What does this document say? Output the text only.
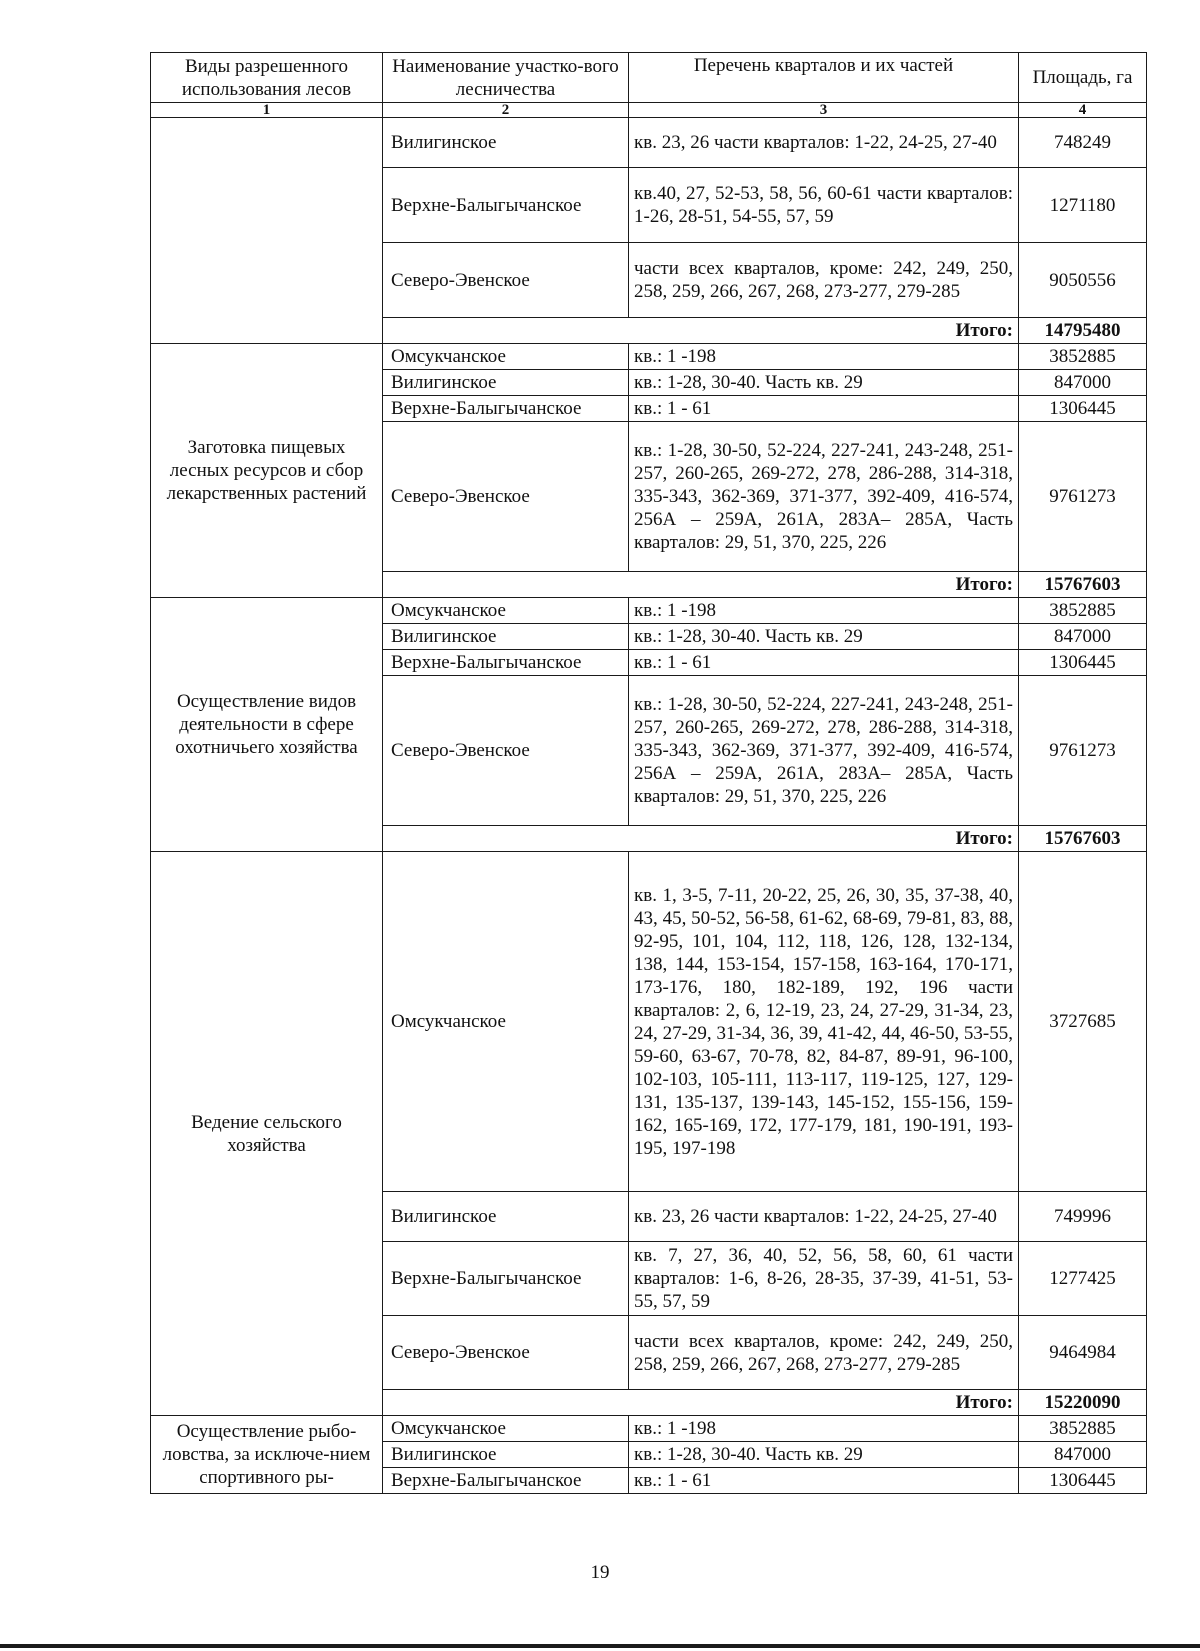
Виды разрешенного использования лесов	Наименование участко-вого лесничества	Перечень кварталов и их частей	Площадь, га
1	2	3	4
	Вилигинское	кв. 23, 26 части кварталов: 1-22, 24-25, 27-40	748249
	Верхне-Балыгычанское	кв.40, 27, 52-53, 58, 56, 60-61 части кварталов: 1-26, 28-51, 54-55, 57, 59	1271180
	Северо-Эвенское	части всех кварталов, кроме: 242, 249, 250, 258, 259, 266, 267, 268, 273-277, 279-285	9050556
	Итого:		14795480
Заготовка пищевых лесных ресурсов и сбор лекарственных растений	Омсукчанское	кв.: 1 -198	3852885
	Вилигинское	кв.: 1-28, 30-40. Часть кв. 29	847000
	Верхне-Балыгычанское	кв.: 1 - 61	1306445
	Северо-Эвенское	кв.: 1-28, 30-50, 52-224, 227-241, 243-248, 251-257, 260-265, 269-272, 278, 286-288, 314-318, 335-343, 362-369, 371-377, 392-409, 416-574, 256А – 259А, 261А, 283А– 285А, Часть кварталов: 29, 51, 370, 225, 226	9761273
	Итого:		15767603
Осуществление видов деятельности в сфере охотничьего хозяйства	Омсукчанское	кв.: 1 -198	3852885
	Вилигинское	кв.: 1-28, 30-40. Часть кв. 29	847000
	Верхне-Балыгычанское	кв.: 1 - 61	1306445
	Северо-Эвенское	кв.: 1-28, 30-50, 52-224, 227-241, 243-248, 251-257, 260-265, 269-272, 278, 286-288, 314-318, 335-343, 362-369, 371-377, 392-409, 416-574, 256А – 259А, 261А, 283А– 285А, Часть кварталов: 29, 51, 370, 225, 226	9761273
	Итого:		15767603
Ведение сельского хозяйства	Омсукчанское	кв. 1, 3-5, 7-11, 20-22, 25, 26, 30, 35, 37-38, 40, 43, 45, 50-52, 56-58, 61-62, 68-69, 79-81, 83, 88, 92-95, 101, 104, 112, 118, 126, 128, 132-134, 138, 144, 153-154, 157-158, 163-164, 170-171, 173-176, 180, 182-189, 192, 196 части кварталов: 2, 6, 12-19, 23, 24, 27-29, 31-34, 23, 24, 27-29, 31-34, 36, 39, 41-42, 44, 46-50, 53-55, 59-60, 63-67, 70-78, 82, 84-87, 89-91, 96-100, 102-103, 105-111, 113-117, 119-125, 127, 129-131, 135-137, 139-143, 145-152, 155-156, 159-162, 165-169, 172, 177-179, 181, 190-191, 193-195, 197-198	3727685
	Вилигинское	кв. 23, 26 части кварталов: 1-22, 24-25, 27-40	749996
	Верхне-Балыгычанское	кв. 7, 27, 36, 40, 52, 56, 58, 60, 61 части кварталов: 1-6, 8-26, 28-35, 37-39, 41-51, 53-55, 57, 59	1277425
	Северо-Эвенское	части всех кварталов, кроме: 242, 249, 250, 258, 259, 266, 267, 268, 273-277, 279-285	9464984
	Итого:		15220090
Осуществление рыбо-ловства, за исключе-нием спортивного ры-	Омсукчанское	кв.: 1 -198	3852885
	Вилигинское	кв.: 1-28, 30-40. Часть кв. 29	847000
	Верхне-Балыгычанское	кв.: 1 - 61	1306445
19
